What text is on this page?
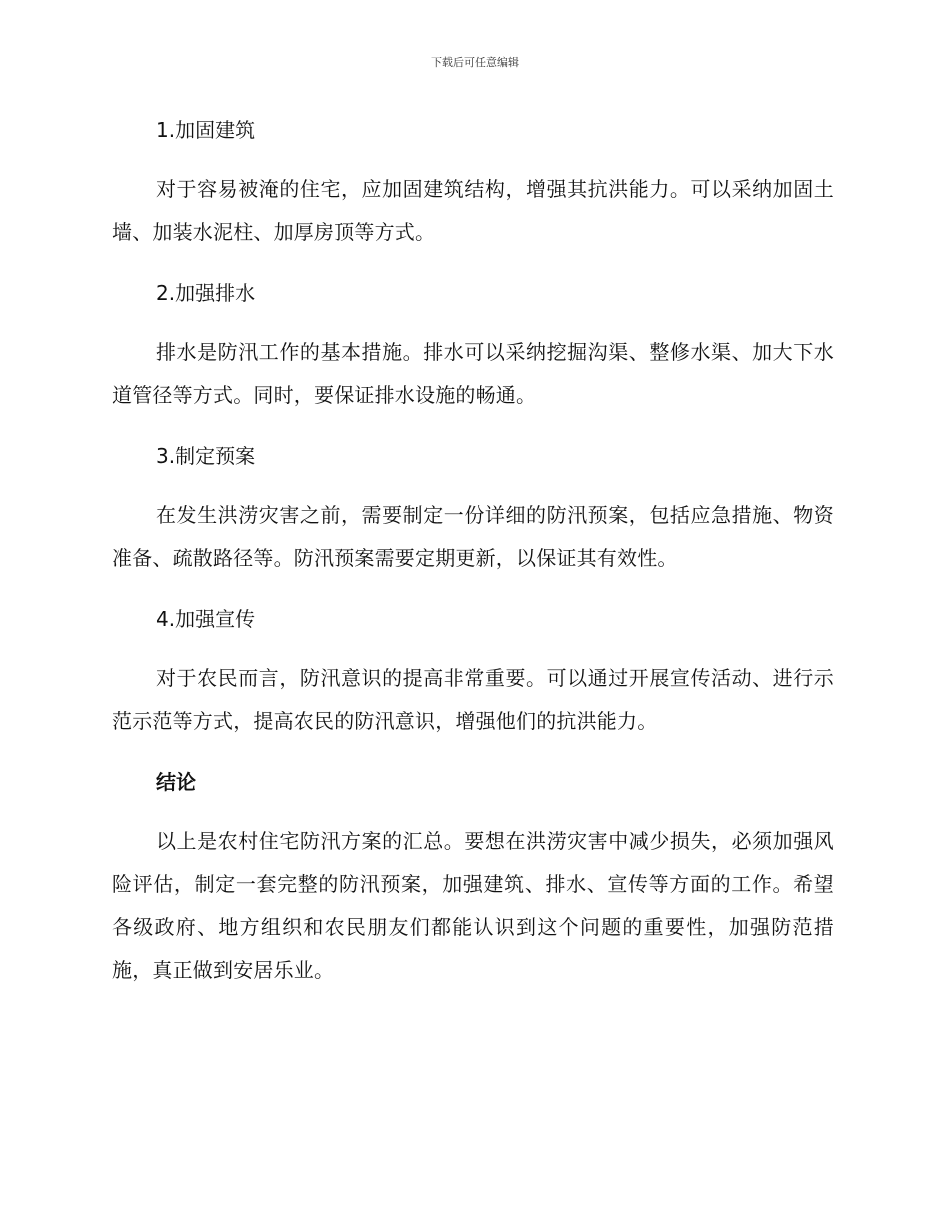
下载后可任意编辑
1.加固建筑

对于容易被淹的住宅，应加固建筑结构，增强其抗洪能力。可以采纳加固土墙、加装水泥柱、加厚房顶等方式。

2.加强排水

排水是防汛工作的基本措施。排水可以采纳挖掘沟渠、整修水渠、加大下水道管径等方式。同时，要保证排水设施的畅通。

3.制定预案

在发生洪涝灾害之前，需要制定一份详细的防汛预案，包括应急措施、物资准备、疏散路径等。防汛预案需要定期更新，以保证其有效性。

4.加强宣传

对于农民而言，防汛意识的提高非常重要。可以通过开展宣传活动、进行示范示范等方式，提高农民的防汛意识，增强他们的抗洪能力。

结论

以上是农村住宅防汛方案的汇总。要想在洪涝灾害中减少损失，必须加强风险评估，制定一套完整的防汛预案，加强建筑、排水、宣传等方面的工作。希望各级政府、地方组织和农民朋友们都能认识到这个问题的重要性，加强防范措施，真正做到安居乐业。
